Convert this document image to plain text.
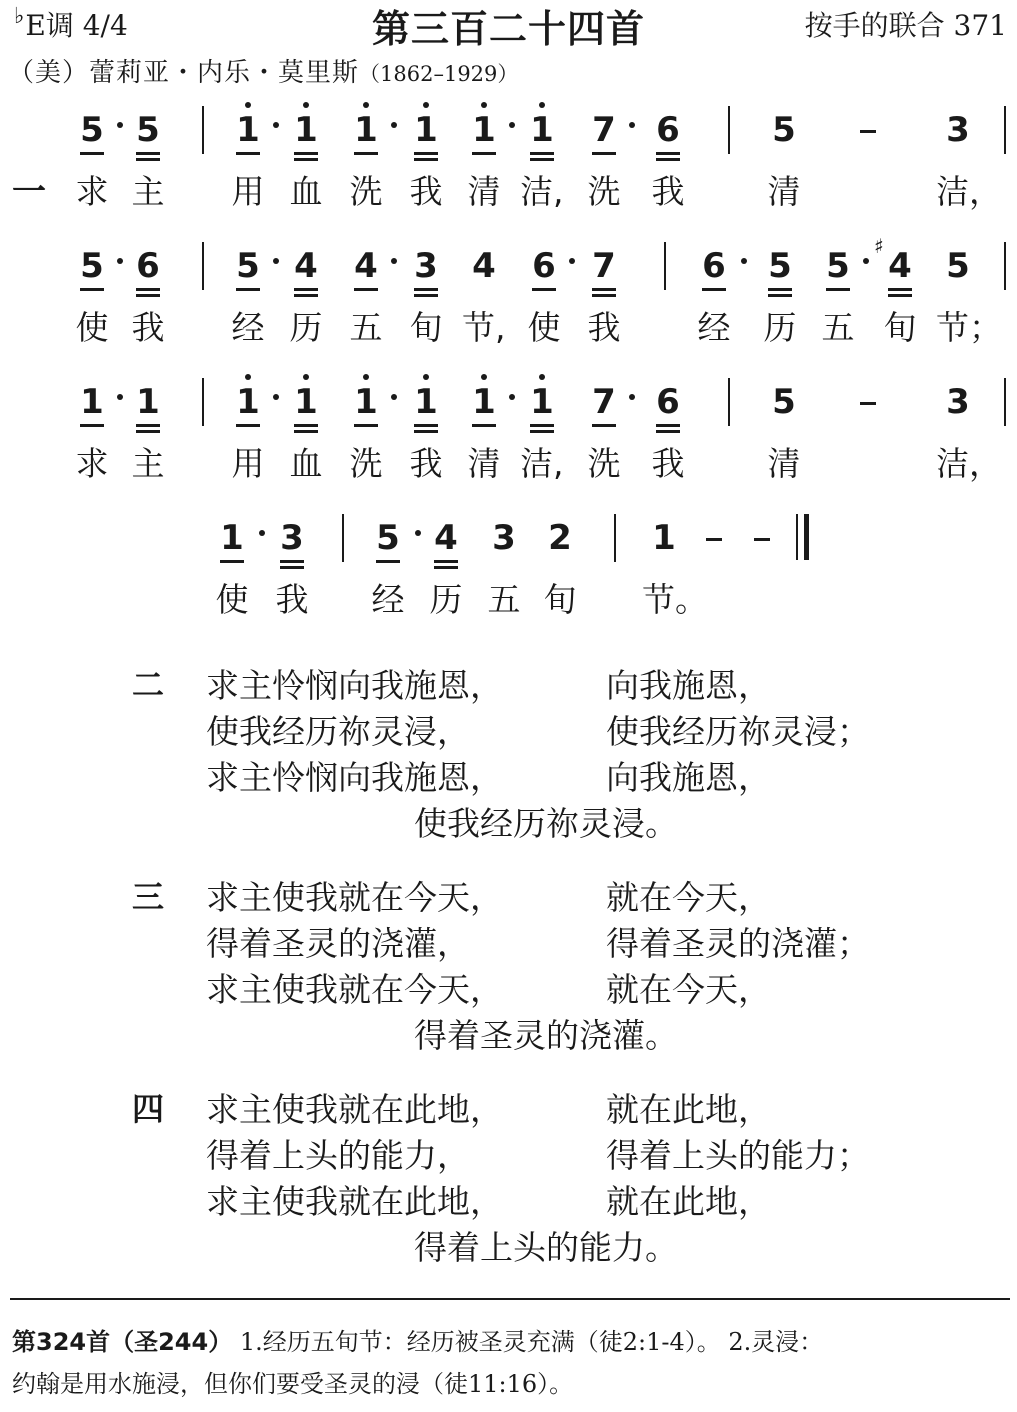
♭E调 4/4	第三百二十四首	按手的联合 371
（美）蕾莉亚・内乐・莫里斯（1862–1929）
一
5 5 1 1 1 1 1 1 7 6	5	3
求 主 用 血 洗 我 清 洁, 洗 我	清	洁，
5 6 5 4 4 3 4 6 7	6 5 5 4
♯ 5
使 我 经 历 五 旬 节, 使 我 经 历 五 旬 节；
1 1 1 1 1 1 1 1 7 6	5	3
求 主 用 血 洗 我 清 洁, 洗 我	清	洁，
1 3 5 4 3 2 1
使 我 经 历 五 旬 节。
二 求主怜悯向我施恩，	向我施恩，
使我经历祢灵浸，	使我经历祢灵浸；
求主怜悯向我施恩，	向我施恩，
使我经历祢灵浸。
三 求主使我就在今天，	就在今天，
得着圣灵的浇灌，	得着圣灵的浇灌；
求主使我就在今天，	就在今天，
得着圣灵的浇灌。
四 求主使我就在此地，	就在此地，
得着上头的能力，	得着上头的能力；
求主使我就在此地，	就在此地，
得着上头的能力。
第324首（圣244） 1.经历五旬节：经历被圣灵充满（徒2:1-4）。 2.灵浸：
约翰是用水施浸，但你们要受圣灵的浸（徒11:16）。
